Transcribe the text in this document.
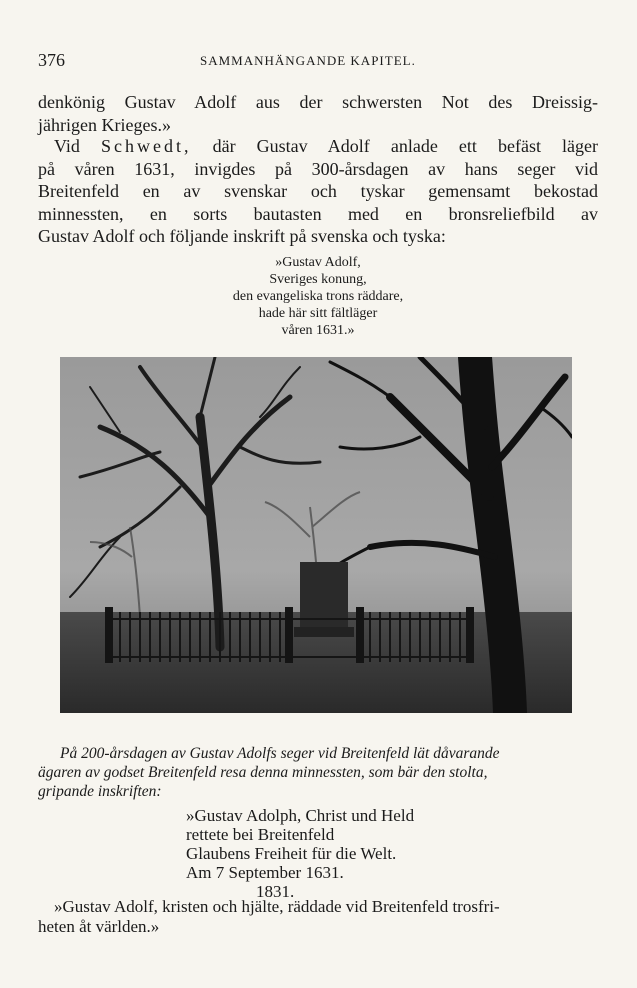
376	SAMMANHÄNGANDE KAPITEL.

denkönig Gustav Adolf aus der schwersten Not des Dreissig-
jährigen Krieges.»

Vid Schwedt, där Gustav Adolf anlade ett befäst läger
på våren 1631, invigdes på 300-årsdagen av hans seger vid
Breitenfeld en av svenskar och tyskar gemensamt bekostad
minnessten, en sorts bautasten med en bronsreliefbild av
Gustav Adolf och följande inskrift på svenska och tyska:

»Gustav Adolf,
Sveriges konung,
den evangeliska trons räddare,
hade här sitt fältläger
våren 1631.»

På 200-årsdagen av Gustav Adolfs seger vid Breitenfeld lät dåvarande
ägaren av godset Breitenfeld resa denna minnessten, som bär den stolta,
gripande inskriften:

»Gustav Adolph, Christ und Held
rettete bei Breitenfeld
Glaubens Freiheit für die Welt.
Am 7 September 1631.
1831.

»Gustav Adolf, kristen och hjälte, räddade vid Breitenfeld trosfri-
heten åt världen.»
